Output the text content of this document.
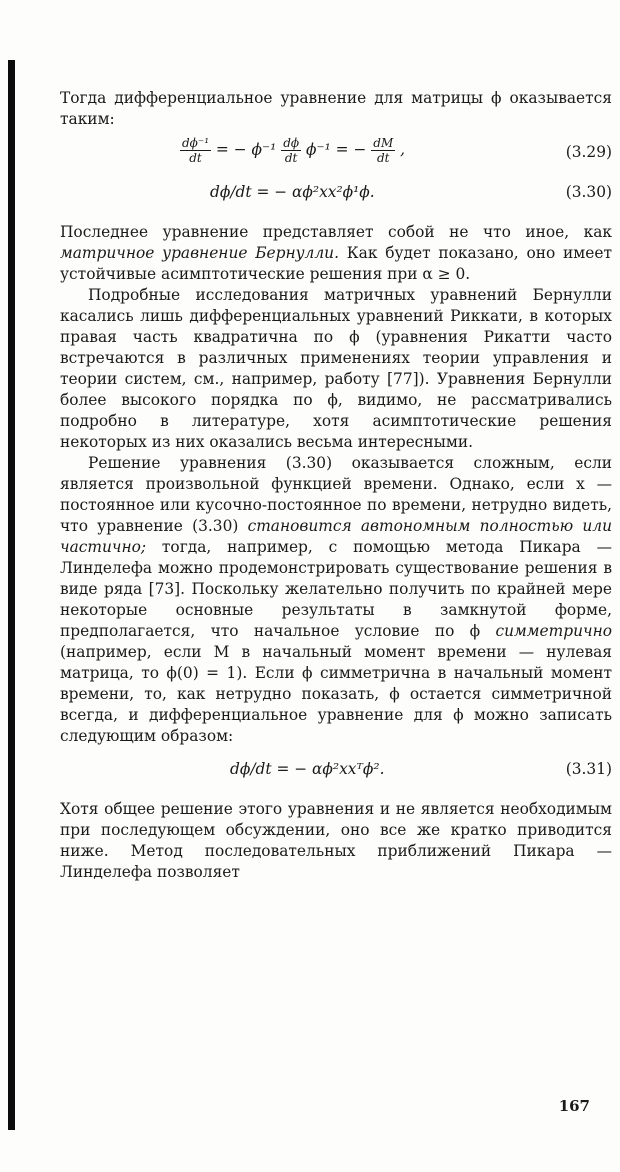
Тогда дифференциальное уравнение для матрицы ϕ оказывается таким:

$\frac{\text{dϕ⁻¹}}{dt}$ = − $\phi^{-1} \frac{d\phi}{dt} \phi^{-1}$ = − $\frac{dM}{dt}$ ,	(3.29)
dϕ/dt = − αϕ²xx²ϕ¹ϕ.	(3.30)

Последнее уравнение представляет собой не что иное, как матричное уравнение Бернулли. Как будет показано, оно имеет устойчивые асимптотические решения при α ≥ 0.

Подробные исследования матричных уравнений Бернулли касались лишь дифференциальных уравнений Риккати, в которых правая часть квадратична по ϕ (уравнения Рикатти часто встречаются в различных применениях теории управления и теории систем, см., например, работу [77]). Уравнения Бернулли более высокого порядка по ϕ, видимо, не рассматривались подробно в литературе, хотя асимптотические решения некоторых из них оказались весьма интересными.

Решение уравнения (3.30) оказывается сложным, если является произвольной функцией времени. Однако, если x — постоянное или кусочно-постоянное по времени, нетрудно видеть, что уравнение (3.30) становится автономным полностью или частично; тогда, например, с помощью метода Пикара — Линделефа можно продемонстрировать существование решения в виде ряда [73]. Поскольку желательно получить по крайней мере некоторые основные результаты в замкнутой форме, предполагается, что начальное условие по ϕ симметрично (например, если M в начальный момент времени — нулевая матрица, то ϕ(0) = 1). Если ϕ симметрична в начальный момент времени, то, как нетрудно показать, ϕ остается симметричной всегда, и дифференциальное уравнение для ϕ можно записать следующим образом:

dϕ/dt = − αϕ²xxᵀϕ².	(3.31)

Хотя общее решение этого уравнения и не является необходимым при последующем обсуждении, оно все же кратко приводится ниже. Метод последовательных приближений Пикара — Линделефа позволяет

167
